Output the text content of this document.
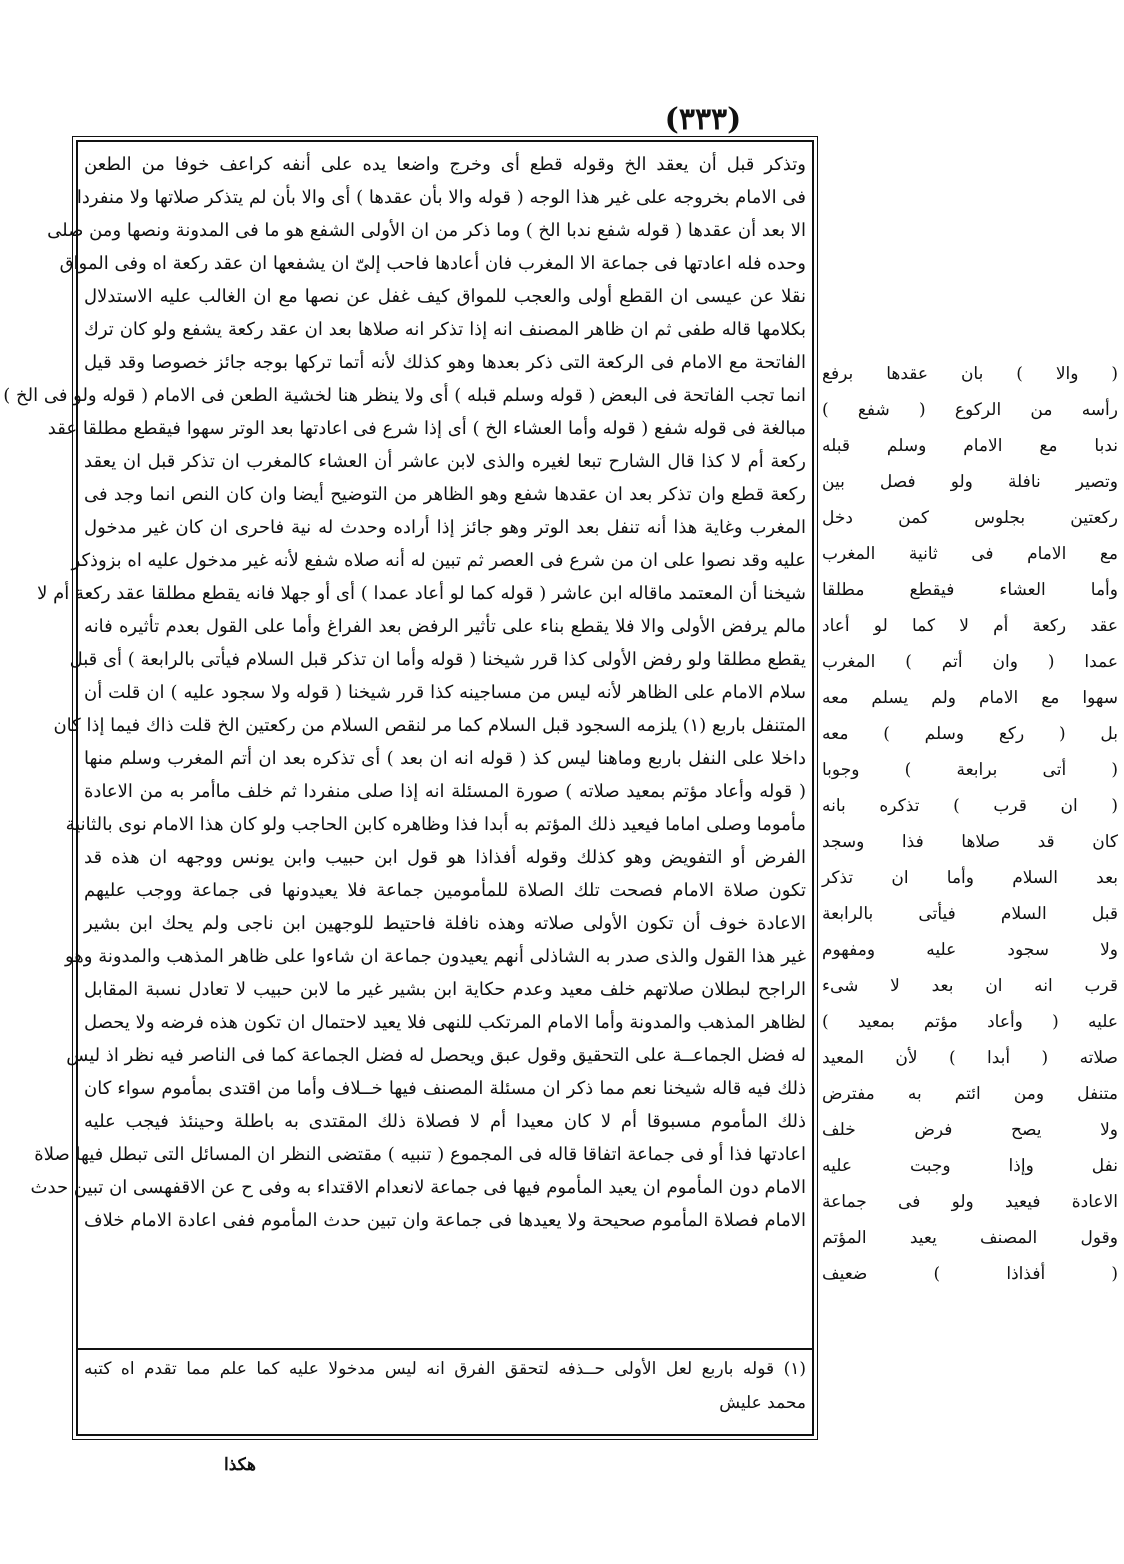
(٣٣٣)
وتذكر قبل أن يعقد الخ وقوله قطع أى وخرج واضعا يده على أنفه كراعف خوفا من الطعن
فى الامام بخروجه على غير هذا الوجه ( قوله والا بأن عقدها ) أى والا بأن لم يتذكر صلاتها ولا منفردا
الا بعد أن عقدها ( قوله شفع ندبا الخ ) وما ذكر من ان الأولى الشفع هو ما فى المدونة ونصها ومن صلى
وحده فله اعادتها فى جماعة الا المغرب فان أعادها فاحب إلىّ ان يشفعها ان عقد ركعة اه وفى المواق
نقلا عن عيسى ان القطع أولى والعجب للمواق كيف غفل عن نصها مع ان الغالب عليه الاستدلال
بكلامها قاله طفى ثم ان ظاهر المصنف انه إذا تذكر انه صلاها بعد ان عقد ركعة يشفع ولو كان ترك
الفاتحة مع الامام فى الركعة التى ذكر بعدها وهو كذلك لأنه أتما تركها بوجه جائز خصوصا وقد قيل
انما تجب الفاتحة فى البعض ( قوله وسلم قبله ) أى ولا ينظر هنا لخشية الطعن فى الامام ( قوله ولو فى الخ )
مبالغة فى قوله شفع ( قوله وأما العشاء الخ ) أى إذا شرع فى اعادتها بعد الوتر سهوا فيقطع مطلقا عقد
ركعة أم لا كذا قال الشارح تبعا لغيره والذى لابن عاشر أن العشاء كالمغرب ان تذكر قبل ان يعقد
ركعة قطع وان تذكر بعد ان عقدها شفع وهو الظاهر من التوضيح أيضا وان كان النص انما وجد فى
المغرب وغاية هذا أنه تنفل بعد الوتر وهو جائز إذا أراده وحدث له نية فاحرى ان كان غير مدخول
عليه وقد نصوا على ان من شرع فى العصر ثم تبين له أنه صلاه شفع لأنه غير مدخول عليه اه بزوذكر
شيخنا أن المعتمد ماقاله ابن عاشر ( قوله كما لو أعاد عمدا ) أى أو جهلا فانه يقطع مطلقا عقد ركعة أم لا
مالم يرفض الأولى والا فلا يقطع بناء على تأثير الرفض بعد الفراغ وأما على القول بعدم تأثيره فانه
يقطع مطلقا ولو رفض الأولى كذا قرر شيخنا ( قوله وأما ان تذكر قبل السلام فيأتى بالرابعة ) أى قبل
سلام الامام على الظاهر لأنه ليس من مساجينه كذا قرر شيخنا ( قوله ولا سجود عليه ) ان قلت أن
المتنفل باربع (١) يلزمه السجود قبل السلام كما مر لنقص السلام من ركعتين الخ قلت ذاك فيما إذا كان
داخلا على النفل باربع وماهنا ليس كذ ( قوله انه ان بعد ) أى تذكره بعد ان أتم المغرب وسلم منها
( قوله وأعاد مؤتم بمعيد صلاته ) صورة المسئلة انه إذا صلى منفردا ثم خلف ماأمر به من الاعادة
مأموما وصلى اماما فيعيد ذلك المؤتم به أبدا فذا وظاهره كابن الحاجب ولو كان هذا الامام نوى بالثانية
الفرض أو التفويض وهو كذلك وقوله أفذاذا هو قول ابن حبيب وابن يونس ووجهه ان هذه قد
تكون صلاة الامام فصحت تلك الصلاة للمأمومين جماعة فلا يعيدونها فى جماعة ووجب عليهم
الاعادة خوف أن تكون الأولى صلاته وهذه نافلة فاحتيط للوجهين ابن ناجى ولم يحك ابن بشير
غير هذا القول والذى صدر به الشاذلى أنهم يعيدون جماعة ان شاءوا على ظاهر المذهب والمدونة وهو
الراجح لبطلان صلاتهم خلف معيد وعدم حكاية ابن بشير غير ما لابن حبيب لا تعادل نسبة المقابل
لظاهر المذهب والمدونة وأما الامام المرتكب للنهى فلا يعيد لاحتمال ان تكون هذه فرضه ولا يحصل
له فضل الجماعــة على التحقيق وقول عبق ويحصل له فضل الجماعة كما فى الناصر فيه نظر اذ ليس
ذلك فيه قاله شيخنا نعم مما ذكر ان مسئلة المصنف فيها خــلاف وأما من اقتدى بمأموم سواء كان
ذلك المأموم مسبوقا أم لا كان معيدا أم لا فصلاة ذلك المقتدى به باطلة وحينئذ فيجب عليه
اعادتها فذا أو فى جماعة اتفاقا قاله فى المجموع ( تنبيه ) مقتضى النظر ان المسائل التى تبطل فيها صلاة
الامام دون المأموم ان يعيد المأموم فيها فى جماعة لانعدام الاقتداء به وفى ح عن الاقفهسى ان تبين حدث
الامام فصلاة المأموم صحيحة ولا يعيدها فى جماعة وان تبين حدث المأموم ففى اعادة الامام خلاف
(١) قوله باربع لعل الأولى حــذفه لتحقق الفرق انه ليس مدخولا عليه كما علم مما تقدم اه كتبه
محمد عليش
( والا ) بان عقدها برفع
رأسه من الركوع ( شفع )
ندبا مع الامام وسلم قبله
وتصير نافلة ولو فصل بين
ركعتين بجلوس كمن دخل
مع الامام فى ثانية المغرب
وأما العشاء فيقطع مطلقا
عقد ركعة أم لا كما لو أعاد
عمدا ( وان أتم ) المغرب
سهوا مع الامام ولم يسلم معه
بل ( ركع وسلم ) معه
( أتى برابعة ) وجوبا
( ان قرب ) تذكره بانه
كان قد صلاها فذا وسجد
بعد السلام وأما ان تذكر
قبل السلام فيأتى بالرابعة
ولا سجود عليه ومفهوم
قرب انه ان بعد لا شىء
عليه ( وأعاد مؤتم بمعيد )
صلاته ( أبدا ) لأن المعيد
متنفل ومن ائتم به مفترض
ولا يصح فرض خلف
نفل وإذا وجبت عليه
الاعادة فيعيد ولو فى جماعة
وقول المصنف يعيد المؤتم
( أفذاذا ) ضعيف
هكذا
